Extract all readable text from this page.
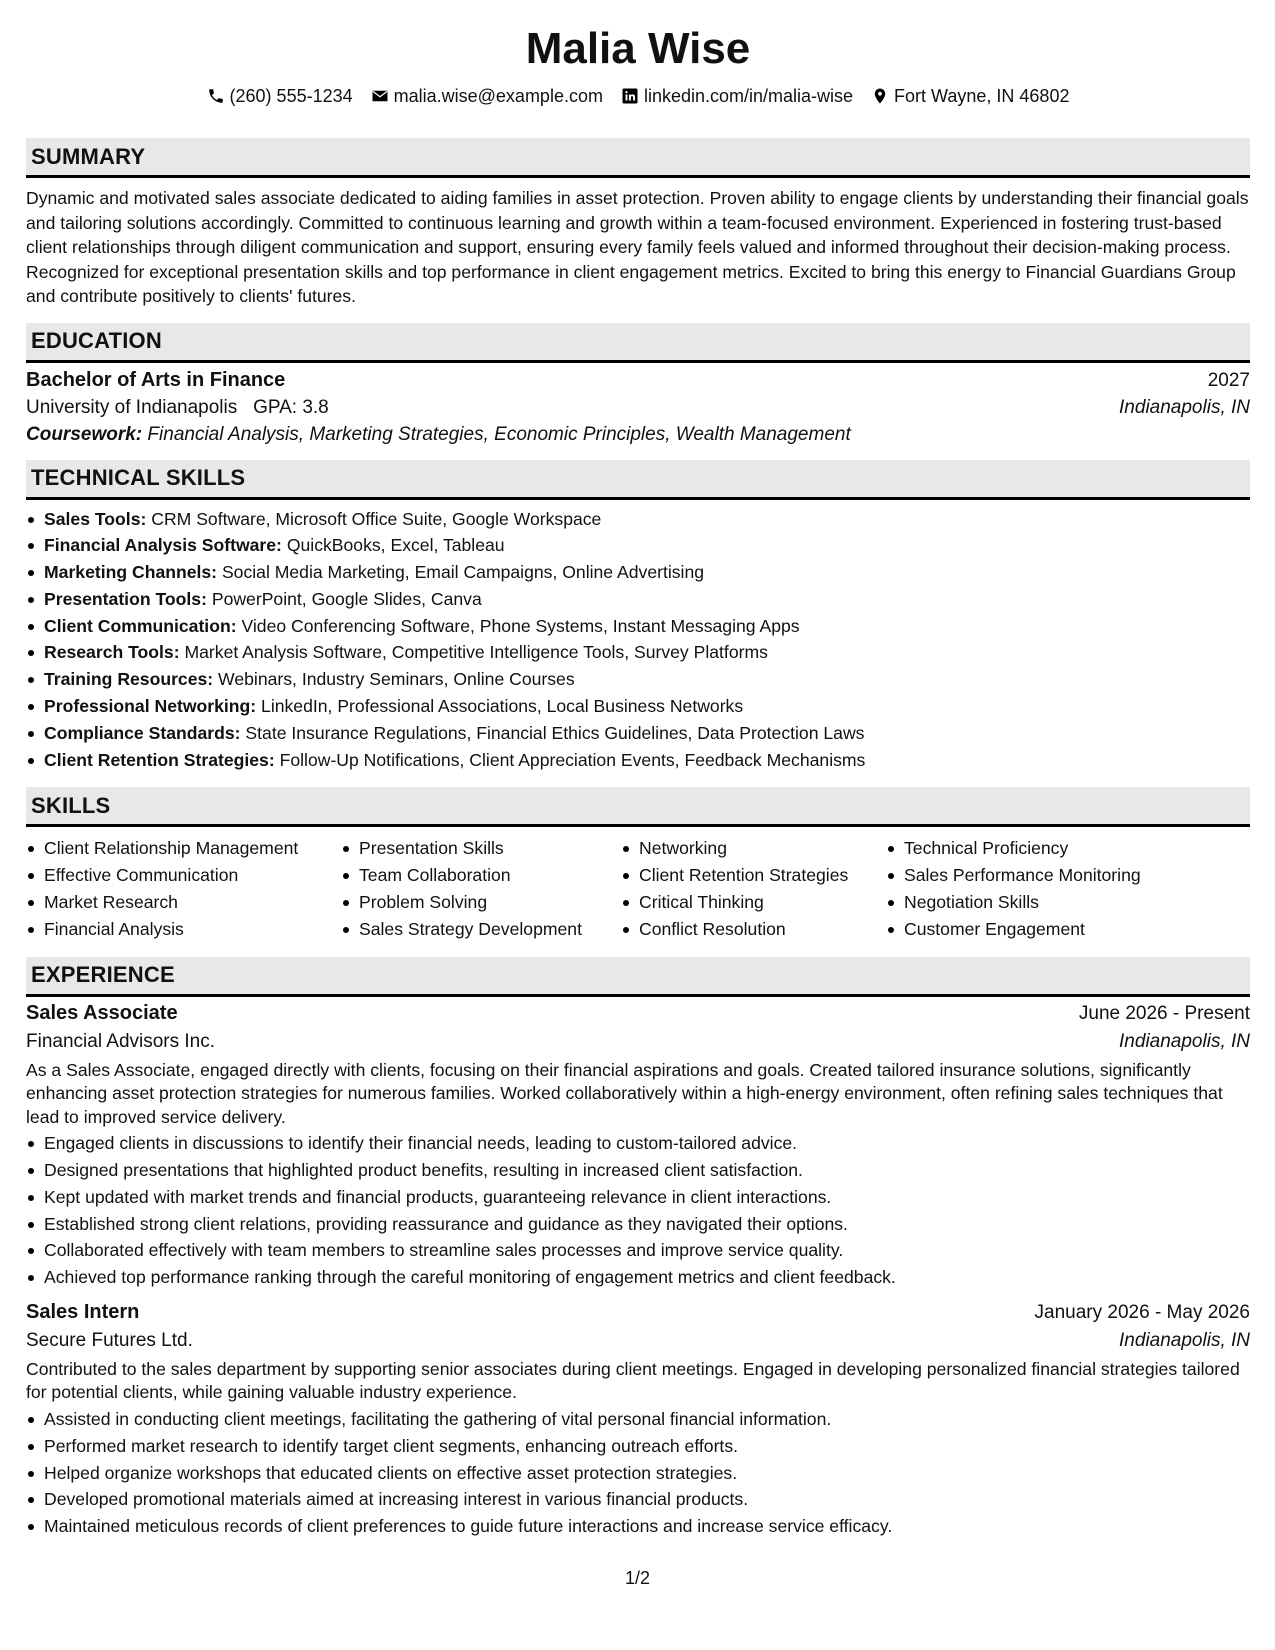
Malia Wise
(260) 555-1234 malia.wise@example.com linkedin.com/in/malia-wise Fort Wayne, IN 46802
SUMMARY
Dynamic and motivated sales associate dedicated to aiding families in asset protection. Proven ability to engage clients by understanding their financial goals and tailoring solutions accordingly. Committed to continuous learning and growth within a team-focused environment. Experienced in fostering trust-based client relationships through diligent communication and support, ensuring every family feels valued and informed throughout their decision-making process. Recognized for exceptional presentation skills and top performance in client engagement metrics. Excited to bring this energy to Financial Guardians Group and contribute positively to clients' futures.
EDUCATION
Bachelor of Arts in Finance	2027
University of Indianapolis GPA: 3.8	Indianapolis, IN
Coursework: Financial Analysis, Marketing Strategies, Economic Principles, Wealth Management
TECHNICAL SKILLS
Sales Tools: CRM Software, Microsoft Office Suite, Google Workspace
Financial Analysis Software: QuickBooks, Excel, Tableau
Marketing Channels: Social Media Marketing, Email Campaigns, Online Advertising
Presentation Tools: PowerPoint, Google Slides, Canva
Client Communication: Video Conferencing Software, Phone Systems, Instant Messaging Apps
Research Tools: Market Analysis Software, Competitive Intelligence Tools, Survey Platforms
Training Resources: Webinars, Industry Seminars, Online Courses
Professional Networking: LinkedIn, Professional Associations, Local Business Networks
Compliance Standards: State Insurance Regulations, Financial Ethics Guidelines, Data Protection Laws
Client Retention Strategies: Follow-Up Notifications, Client Appreciation Events, Feedback Mechanisms
SKILLS
Client Relationship Management
Effective Communication
Market Research
Financial Analysis
Presentation Skills
Team Collaboration
Problem Solving
Sales Strategy Development
Networking
Client Retention Strategies
Critical Thinking
Conflict Resolution
Technical Proficiency
Sales Performance Monitoring
Negotiation Skills
Customer Engagement
EXPERIENCE
Sales Associate	June 2026 - Present
Financial Advisors Inc.	Indianapolis, IN
As a Sales Associate, engaged directly with clients, focusing on their financial aspirations and goals. Created tailored insurance solutions, significantly enhancing asset protection strategies for numerous families. Worked collaboratively within a high-energy environment, often refining sales techniques that lead to improved service delivery.
Engaged clients in discussions to identify their financial needs, leading to custom-tailored advice.
Designed presentations that highlighted product benefits, resulting in increased client satisfaction.
Kept updated with market trends and financial products, guaranteeing relevance in client interactions.
Established strong client relations, providing reassurance and guidance as they navigated their options.
Collaborated effectively with team members to streamline sales processes and improve service quality.
Achieved top performance ranking through the careful monitoring of engagement metrics and client feedback.
Sales Intern	January 2026 - May 2026
Secure Futures Ltd.	Indianapolis, IN
Contributed to the sales department by supporting senior associates during client meetings. Engaged in developing personalized financial strategies tailored for potential clients, while gaining valuable industry experience.
Assisted in conducting client meetings, facilitating the gathering of vital personal financial information.
Performed market research to identify target client segments, enhancing outreach efforts.
Helped organize workshops that educated clients on effective asset protection strategies.
Developed promotional materials aimed at increasing interest in various financial products.
Maintained meticulous records of client preferences to guide future interactions and increase service efficacy.
1/2
